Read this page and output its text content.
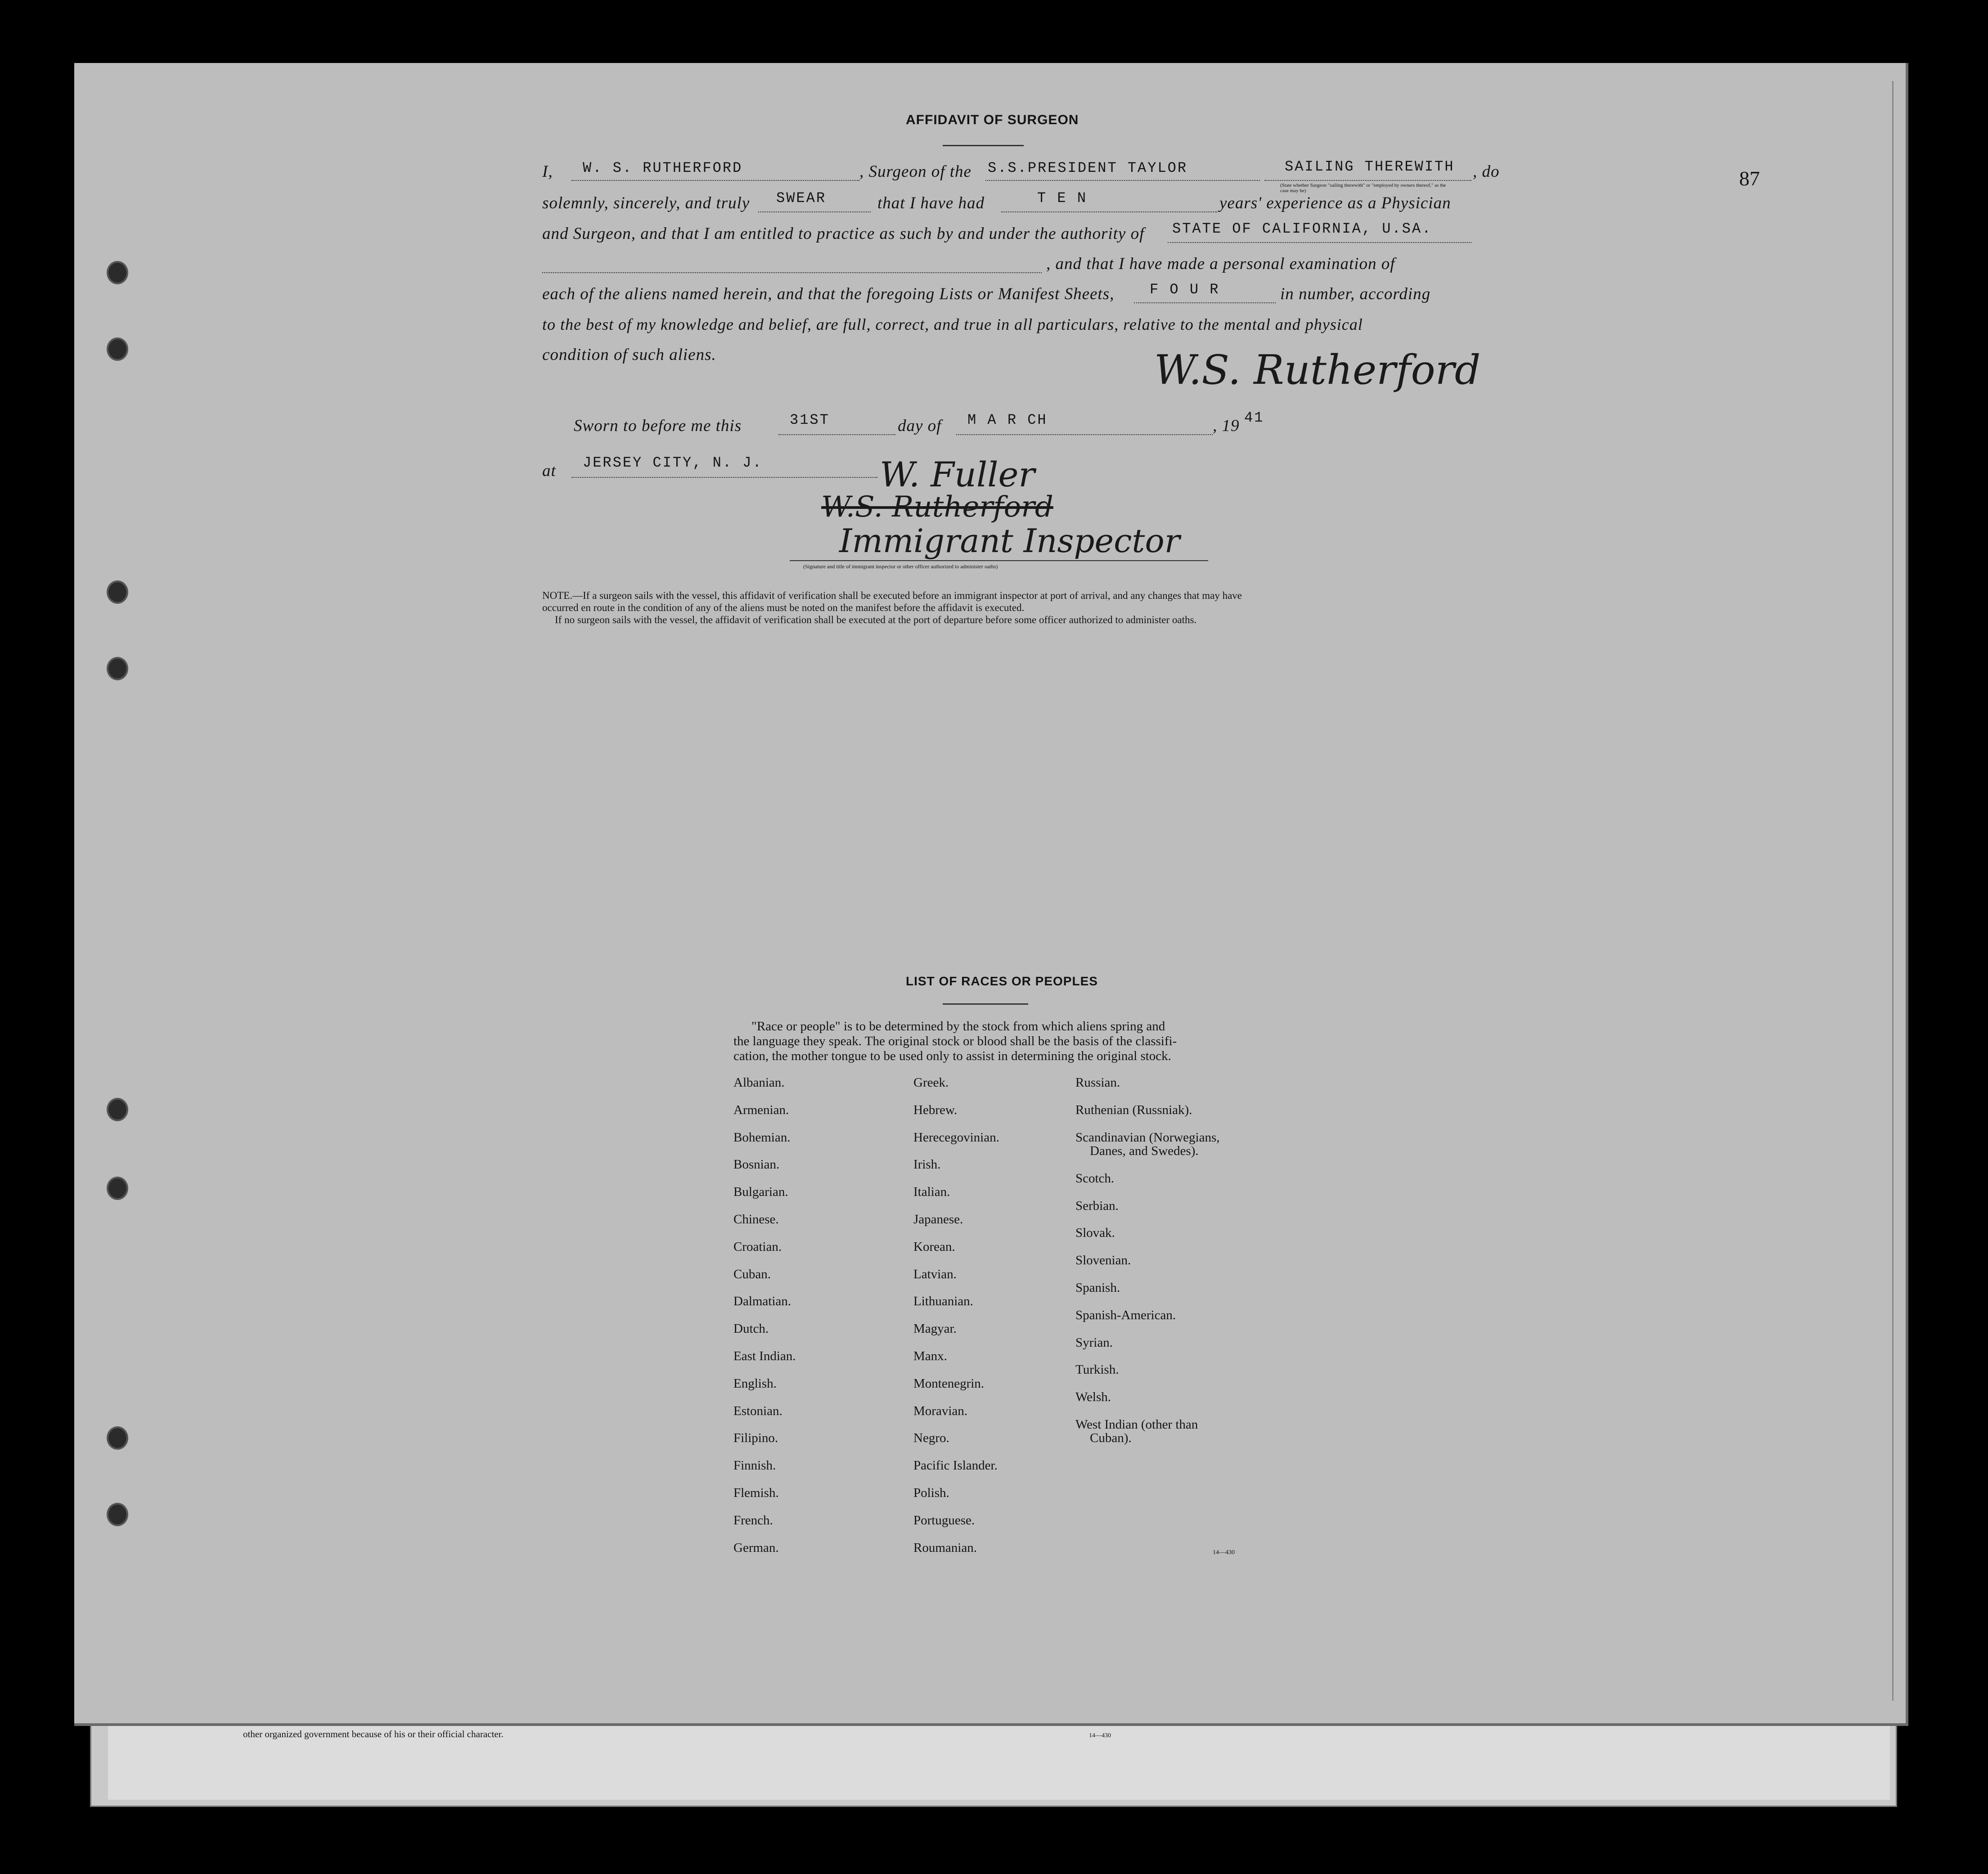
87
AFFIDAVIT OF SURGEON
I, W. S. RUTHERFORD	, Surgeon of the S.S.PRESIDENT TAYLOR	SAILING THEREWITH
(State whether Surgeon "sailing therewith" or "employed by owners thereof," as the case may be)
, do
solemnly, sincerely, and truly SWEAR	that I have had	T E N	years' experience as a Physician
and Surgeon, and that I am entitled to practice as such by and under the authority of STATE OF CALIFORNIA, U.SA.
, and that I have made a personal examination of
each of the aliens named herein, and that the foregoing Lists or Manifest Sheets, F O U R	in number, according
to the best of my knowledge and belief, are full, correct, and true in all particulars, relative to the mental and physical
condition of such aliens.	W.S. Rutherford
Sworn to before me this	31ST	day of M A R CH	, 19 41
at JERSEY CITY, N. J.	W. Fuller
W.S. Rutherford
Immigrant Inspector
(Signature and title of immigrant inspector or other officer authorized to administer oaths)
NOTE.—If a surgeon sails with the vessel, this affidavit of verification shall be executed before an immigrant inspector at port of arrival, and any changes that may have
occurred en route in the condition of any of the aliens must be noted on the manifest before the affidavit is executed.
If no surgeon sails with the vessel, the affidavit of verification shall be executed at the port of departure before some officer authorized to administer oaths.
LIST OF RACES OR PEOPLES
"Race or people" is to be determined by the stock from which aliens spring and
the language they speak. The original stock or blood shall be the basis of the classifi-
cation, the mother tongue to be used only to assist in determining the original stock.
Albanian.
Armenian.
Bohemian.
Bosnian.
Bulgarian.
Chinese.
Croatian.
Cuban.
Dalmatian.
Dutch.
East Indian.
English.
Estonian.
Filipino.
Finnish.
Flemish.
French.
German.
Greek.
Hebrew.
Herecegovinian.
Irish.
Italian.
Japanese.
Korean.
Latvian.
Lithuanian.
Magyar.
Manx.
Montenegrin.
Moravian.
Negro.
Pacific Islander.
Polish.
Portuguese.
Roumanian.
Russian.
Ruthenian (Russniak).
Scandinavian (Norwegians,
Danes, and Swedes).
Scotch.
Serbian.
Slovak.
Slovenian.
Spanish.
Spanish-American.
Syrian.
Turkish.
Welsh.
West Indian (other than
Cuban).
14—430
other organized government because of his or their official character.	14—430
